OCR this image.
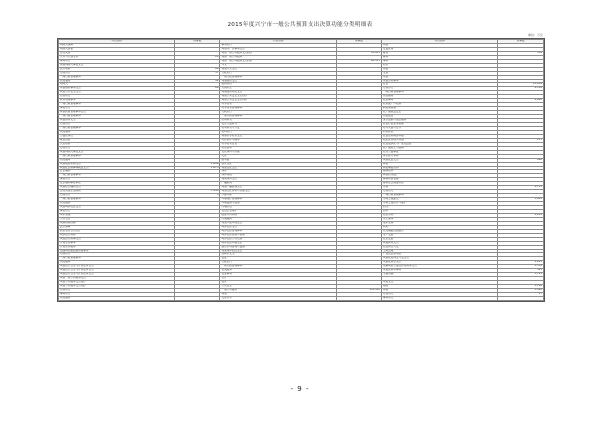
2015年度兴宁市一般公共预算支出决算功能分类明细表
单位：万元
科目名称	决算数	科目名称	决算数	科目名称	决算数
残疾人保障		事务运行		其他	
残疾人康复		其他共产党事务支出		安置住房	
自然灾害		其他一般公共服务支出(款)	55,953	税务	339
人口与计划生育	29	其他一般公共服务		税务	
事务运行		其他一般公共服务支出(项)	96,355	事务	
其他残疾人事业支出		外交		技术	
医疗救助	69	其他外交支出		其他	
行政运行	37	行政运行		发展	
一般行政管理事务		一般行政管理事务		其他	
机关服务	42	其他国防支出		其他水利事务	
残疾人		国防动员		农业	13,859
其他国防事务支出	64	人民防空		行政运行	2,704
其他公共安全支出		其他国防动员支出		一般行政管理事务	
行政运行		其他公共安全支出(款)		机关服务	
教育管理事务		其他公共安全支出(项)		农业事务	2,896
一般行政管理事务		科学技术		技术推广与培训	
事业运行		科学技术管理事务		病虫害控制	
其他民政管理事务支出		行政运行		农产品质量安全	
一般行政管理事务		一般行政管理事务		执法监管	
其他教育支出		应用研究		统计监测与信息服务	
行政运行		社会公益研究		农业行业业务管理	
一般行政管理事务		技术研究与开发		对外交流与合作	
机关服务		机构运行		防灾救灾	
公益性岗位		其他科学技术支出		农业结构调整补贴	
就业创业		科技条件与服务		稳定农民收入补贴	117
人员培训		科学技术普及		农业组织化与产业化经营	
行政运行		科普活动		农产品加工与促销	
其他残疾人事业支出		文化体育与传媒		农村公益事业	
一般行政管理事务		文化		综合财力补助	
机关服务		图书馆		其他农业支出	690
其他就业补助支出	2,086	群众文化		林业	
其他社会保障和就业支出	1,073	其他文化支出		林业事业机构	
社会福利		体育		森林培育	
一般行政管理事务		体育场馆		林业技术推广	
事业运行		其他体育支出		森林资源管理	
社会福利事业单位		广播影视		森林生态效益补偿	
其他社会福利支出		其他广播影视支出		水利	1,753
自然灾害生活救助	1,144	其他文化体育与传媒支出		行政运行	
行政运行	5	节能环保		一般行政管理事务	
一般行政管理事务		环境保护管理事务		水利工程建设	3,009
机关服务		环境监测与监察		水利工程运行与维护	
其他城乡社区支出		污染防治		防汛	
事业运行		自然生态保护		抗旱	
城市管理		能源节约利用		农田水利	1,258
公共卫生		污染减排		水土保持	
疾病预防控制		其他节能环保支出		南水北调	
医疗保障		城乡社区支出		扶贫	
新型农村合作医疗		城乡社区管理事务		农村基础设施建设	
城乡医疗救助		城乡社区规划与管理		生产发展	
其他医疗保障支出		城乡社区公共设施		社会发展	
计划生育事务		城乡社区环境卫生		其他扶贫支出	
计划生育服务		建设市场管理与监督		农业综合开发	
食品和药品监督管理事务		其他城乡社区支出		土地治理	
行政运行		农林水支出		产业化经营项目	
一般行政管理事务		农业		其他农业综合开发支出	
机关服务		行政运行		其他农林水支出	1,105
其他医疗卫生与计划生育支出		一般行政管理事务		化解其他公益性乡村债务支出	5,376
其他医疗卫生与计划生育支出		机关服务		其他农林水事务	523
其他医疗卫生与计划生育支出		农业事务		交通运输	3,703
其他一般公共服务支出		合计			
其他公共服务支出(款)		教育		其他支出	
其他公共服务支出(项)		公共安全		财政	3,746
行政运行		一般公共服务	155,395	其他	3,548
事务运行		其他		行政运行	17
机关服务		文化科学		事务运行	
- 9 -
